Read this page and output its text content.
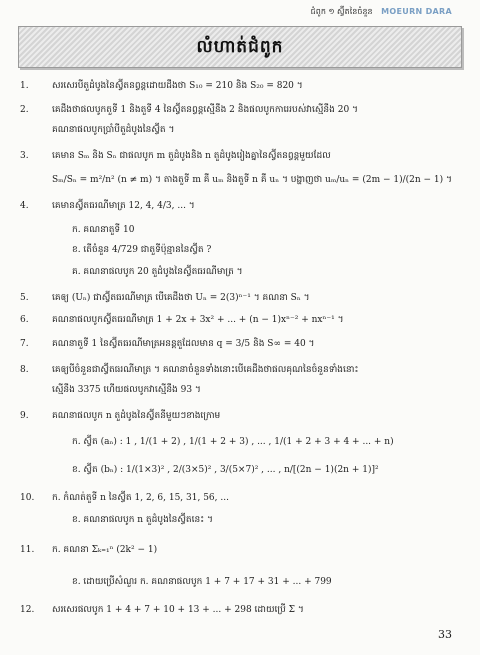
ជំពូក ១ ស្វ៊ីតនៃចំនួន MOEURN DARA
លំហាត់ជំពូក
1.	សរសេរបីតួដំបូងនៃស្វ៊ីតនព្វន្តដោយដឹងថា S₁₀ = 210 និង S₂₀ = 820 ។
2.	គេដឹងថាផលបូកតួទី 1 និងតួទី 4 នៃស្វ៊ីតនព្វន្តស្មើនឹង 2 និងផលបូកការេរបស់វាស្មើនឹង 20 ។
គណនាផលបូកប្រាំបីតួដំបូងនៃស្វ៊ីត ។
3.	គេមាន Sₘ និង Sₙ ជាផលបូក m តួដំបូងនិង n តួដំបូងរៀងគ្នានៃស្វ៊ីតនព្វន្តមួយដែល
Sₘ/Sₙ = m²/n² (n ≠ m) ។ តាងតួទី m គឺ uₘ និងតួទី n គឺ uₙ ។ បង្ហាញថា uₘ/uₙ = (2m − 1)/(2n − 1) ។
4.	គេមានស្វ៊ីតធរណីមាត្រ 12, 4, 4/3, ... ។
ក. គណនាតួទី 10
ខ. តើចំនួន 4/729 ជាតួទីប៉ុន្មាននៃស្វ៊ីត ?
គ. គណនាផលបូក 20 តួដំបូងនៃស្វ៊ីតធរណីមាត្រ ។
5.	គេឲ្យ (Uₙ) ជាស្វ៊ីតធរណីមាត្រ បើគេដឹងថា Uₙ = 2(3)ⁿ⁻¹ ។ គណនា Sₙ ។
6.	គណនាផលបូកស្វ៊ីតធរណីមាត្រ 1 + 2x + 3x² + ... + (n − 1)xⁿ⁻² + nxⁿ⁻¹ ។
7.	គណនាតួទី 1 នៃស្វ៊ីតធរណីមាត្រអនន្តតួដែលមាន q = 3/5 និង S∞ = 40 ។
8.	គេឲ្យបីចំនួនជាស្វ៊ីតធរណីមាត្រ ។ គណនាចំនួនទាំងនោះបើគេដឹងថាផលគុណនៃចំនួនទាំងនោះ
ស្មើនឹង 3375 ហើយផលបូកវាស្មើនឹង 93 ។
9.	គណនាផលបូក n តួដំបូងនៃស្វ៊ីតនីមួយៗខាងក្រោម
ក. ស្វ៊ីត (aₙ) : 1 , 1/(1 + 2) , 1/(1 + 2 + 3) , ... , 1/(1 + 2 + 3 + 4 + ... + n)
ខ. ស្វ៊ីត (bₙ) : 1/(1×3)² , 2/(3×5)² , 3/(5×7)² , ... , n/[(2n − 1)(2n + 1)]²
10.	ក. កំណត់តួទី n នៃស្វ៊ីត 1, 2, 6, 15, 31, 56, ...
ខ. គណនាផលបូក n តួដំបូងនៃស្វ៊ីតនេះ ។
11.	ក. គណនា Σₖ₌₁ⁿ (2k² − 1)
ខ. ដោយប្រើសំណួរ ក. គណនាផលបូក 1 + 7 + 17 + 31 + ... + 799
12.	សរសេរផលបូក 1 + 4 + 7 + 10 + 13 + ... + 298 ដោយប្រើ Σ ។
33
